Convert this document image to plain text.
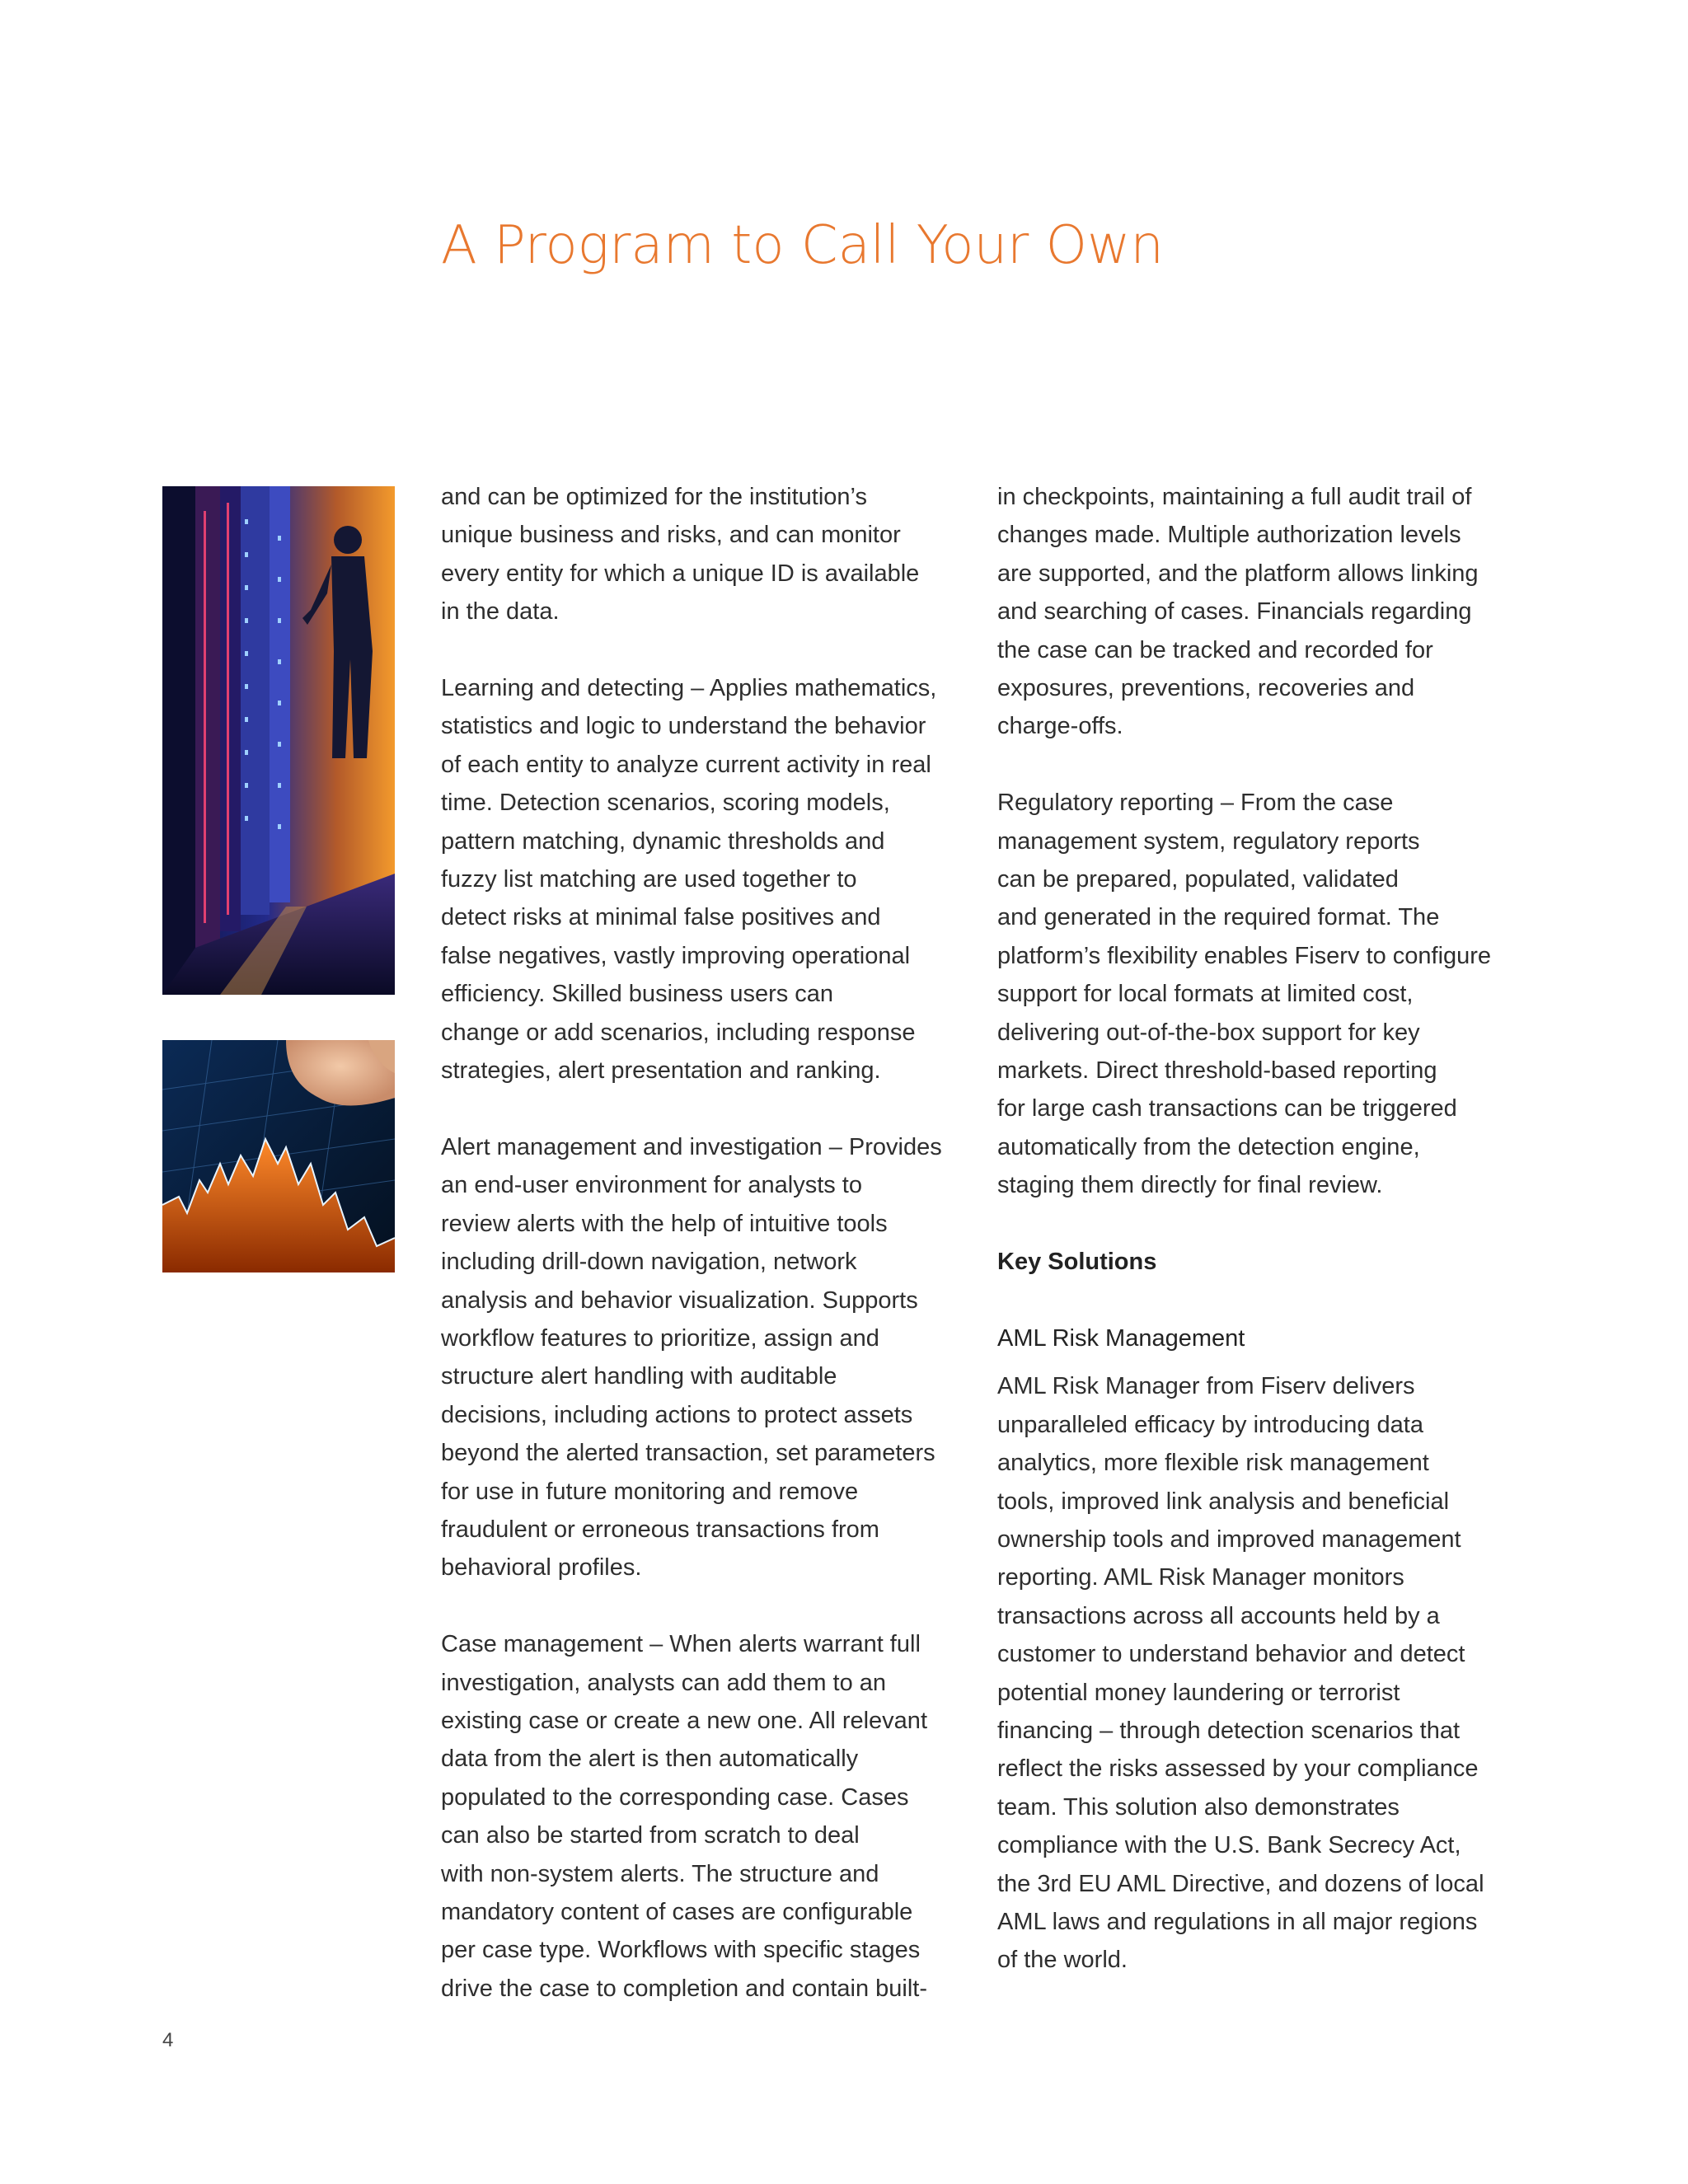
A Program to Call Your Own

and can be optimized for the institution’s
unique business and risks, and can monitor
every entity for which a unique ID is available
in the data.

Learning and detecting – Applies mathematics,
statistics and logic to understand the behavior
of each entity to analyze current activity in real
time. Detection scenarios, scoring models,
pattern matching, dynamic thresholds and
fuzzy list matching are used together to
detect risks at minimal false positives and
false negatives, vastly improving operational
efficiency. Skilled business users can
change or add scenarios, including response
strategies, alert presentation and ranking.

Alert management and investigation – Provides
an end-user environment for analysts to
review alerts with the help of intuitive tools
including drill-down navigation, network
analysis and behavior visualization. Supports
workflow features to prioritize, assign and
structure alert handling with auditable
decisions, including actions to protect assets
beyond the alerted transaction, set parameters
for use in future monitoring and remove
fraudulent or erroneous transactions from
behavioral profiles.

Case management – When alerts warrant full
investigation, analysts can add them to an
existing case or create a new one. All relevant
data from the alert is then automatically
populated to the corresponding case. Cases
can also be started from scratch to deal
with non-system alerts. The structure and
mandatory content of cases are configurable
per case type. Workflows with specific stages
drive the case to completion and contain built-

in checkpoints, maintaining a full audit trail of
changes made. Multiple authorization levels
are supported, and the platform allows linking
and searching of cases. Financials regarding
the case can be tracked and recorded for
exposures, preventions, recoveries and
charge-offs.

Regulatory reporting – From the case
management system, regulatory reports
can be prepared, populated, validated
and generated in the required format. The
platform’s flexibility enables Fiserv to configure
support for local formats at limited cost,
delivering out-of-the-box support for key
markets. Direct threshold-based reporting
for large cash transactions can be triggered
automatically from the detection engine,
staging them directly for final review.

Key Solutions

AML Risk Management

AML Risk Manager from Fiserv delivers
unparalleled efficacy by introducing data
analytics, more flexible risk management
tools, improved link analysis and beneficial
ownership tools and improved management
reporting. AML Risk Manager monitors
transactions across all accounts held by a
customer to understand behavior and detect
potential money laundering or terrorist
financing – through detection scenarios that
reflect the risks assessed by your compliance
team. This solution also demonstrates
compliance with the U.S. Bank Secrecy Act,
the 3rd EU AML Directive, and dozens of local
AML laws and regulations in all major regions
of the world.

4
